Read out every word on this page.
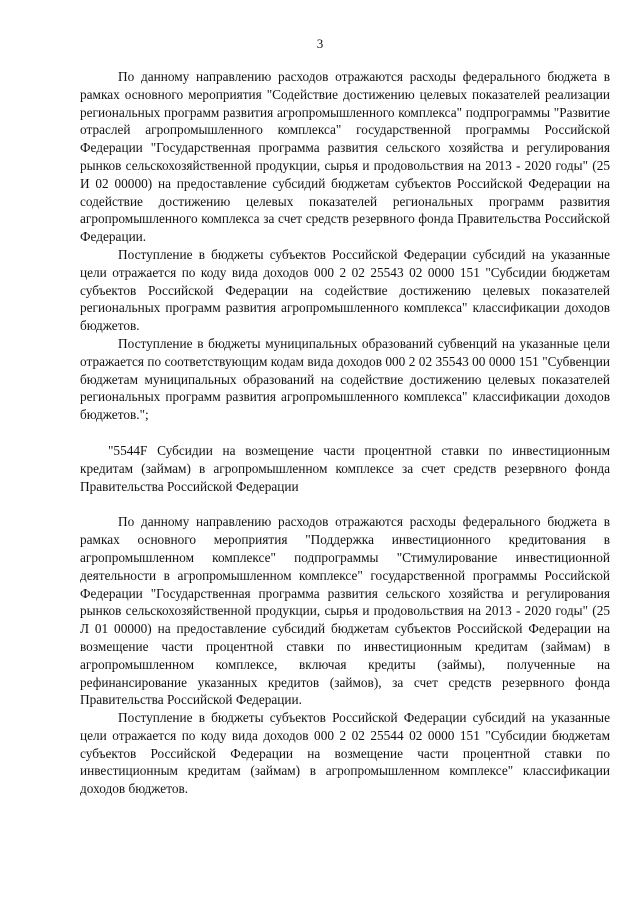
3

По данному направлению расходов отражаются расходы федерального бюджета в рамках основного мероприятия "Содействие достижению целевых показателей реализации региональных программ развития агропромышленного комплекса" подпрограммы "Развитие отраслей агропромышленного комплекса" государственной программы Российской Федерации "Государственная программа развития сельского хозяйства и регулирования рынков сельскохозяйственной продукции, сырья и продовольствия на 2013 - 2020 годы" (25 И 02 00000) на предоставление субсидий бюджетам субъектов Российской Федерации на содействие достижению целевых показателей региональных программ развития агропромышленного комплекса за счет средств резервного фонда Правительства Российской Федерации.

Поступление в бюджеты субъектов Российской Федерации субсидий на указанные цели отражается по коду вида доходов 000 2 02 25543 02 0000 151 "Субсидии бюджетам субъектов Российской Федерации на содействие достижению целевых показателей региональных программ развития агропромышленного комплекса" классификации доходов бюджетов.

Поступление в бюджеты муниципальных образований субвенций на указанные цели отражается по соответствующим кодам вида доходов 000 2 02 35543 00 0000 151 "Субвенции бюджетам муниципальных образований на содействие достижению целевых показателей региональных программ развития агропромышленного комплекса" классификации доходов бюджетов.";

"5544F Субсидии на возмещение части процентной ставки по инвестиционным кредитам (займам) в агропромышленном комплексе за счет средств резервного фонда Правительства Российской Федерации

По данному направлению расходов отражаются расходы федерального бюджета в рамках основного мероприятия "Поддержка инвестиционного кредитования в агропромышленном комплексе" подпрограммы "Стимулирование инвестиционной деятельности в агропромышленном комплексе" государственной программы Российской Федерации "Государственная программа развития сельского хозяйства и регулирования рынков сельскохозяйственной продукции, сырья и продовольствия на 2013 - 2020 годы" (25 Л 01 00000) на предоставление субсидий бюджетам субъектов Российской Федерации на возмещение части процентной ставки по инвестиционным кредитам (займам) в агропромышленном комплексе, включая кредиты (займы), полученные на рефинансирование указанных кредитов (займов), за счет средств резервного фонда Правительства Российской Федерации.

Поступление в бюджеты субъектов Российской Федерации субсидий на указанные цели отражается по коду вида доходов 000 2 02 25544 02 0000 151 "Субсидии бюджетам субъектов Российской Федерации на возмещение части процентной ставки по инвестиционным кредитам (займам) в агропромышленном комплексе" классификации доходов бюджетов.
